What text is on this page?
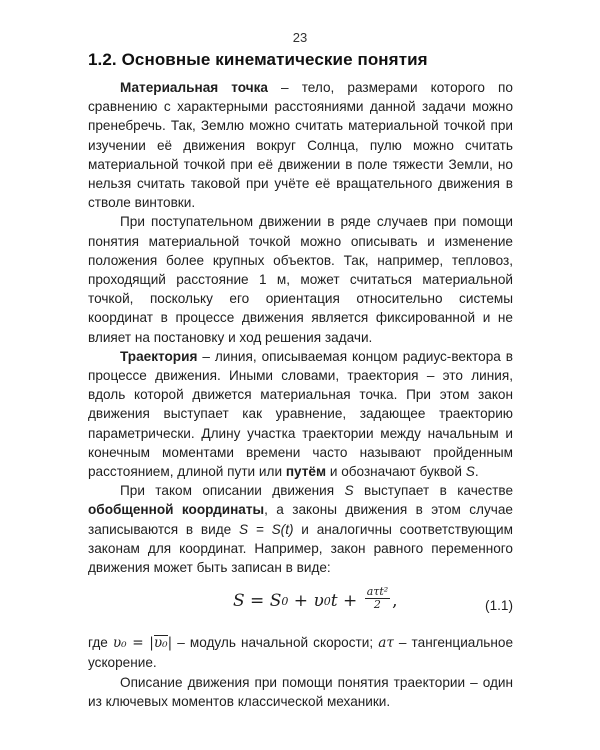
23
1.2. Основные кинематические понятия

Материальная точка – тело, размерами которого по сравнению с характерными расстояниями данной задачи можно пренебречь. Так, Землю можно считать материальной точкой при изучении её движения вокруг Солнца, пулю можно считать материальной точкой при её движении в поле тяжести Земли, но нельзя считать таковой при учёте её вращательного движения в стволе винтовки.

При поступательном движении в ряде случаев при помощи понятия материальной точкой можно описывать и изменение положения более крупных объектов. Так, например, тепловоз, проходящий расстояние 1 м, может считаться материальной точкой, поскольку его ориентация относительно системы координат в процессе движения является фиксированной и не влияет на постановку и ход решения задачи.

Траектория – линия, описываемая концом радиус-вектора в процессе движения. Иными словами, траектория – это линия, вдоль которой движется материальная точка. При этом закон движения выступает как уравнение, задающее траекторию параметрически. Длину участка траектории между начальным и конечным моментами времени часто называют пройденным расстоянием, длиной пути или путём и обозначают буквой S.

При таком описании движения S выступает в качестве обобщенной координаты, а законы движения в этом случае записываются в виде S = S(t) и аналогичны соответствующим законам для координат. Например, закон равного переменного движения может быть записан в виде:

S = S 0 + υ 0 $t + \frac{\text{aτt²}}{2}$ ,	(1.1)

где υ₀ = |υ₀| – модуль начальной скорости; aτ – тангенциальное ускорение.

Описание движения при помощи понятия траектории – один из ключевых моментов классической механики.
